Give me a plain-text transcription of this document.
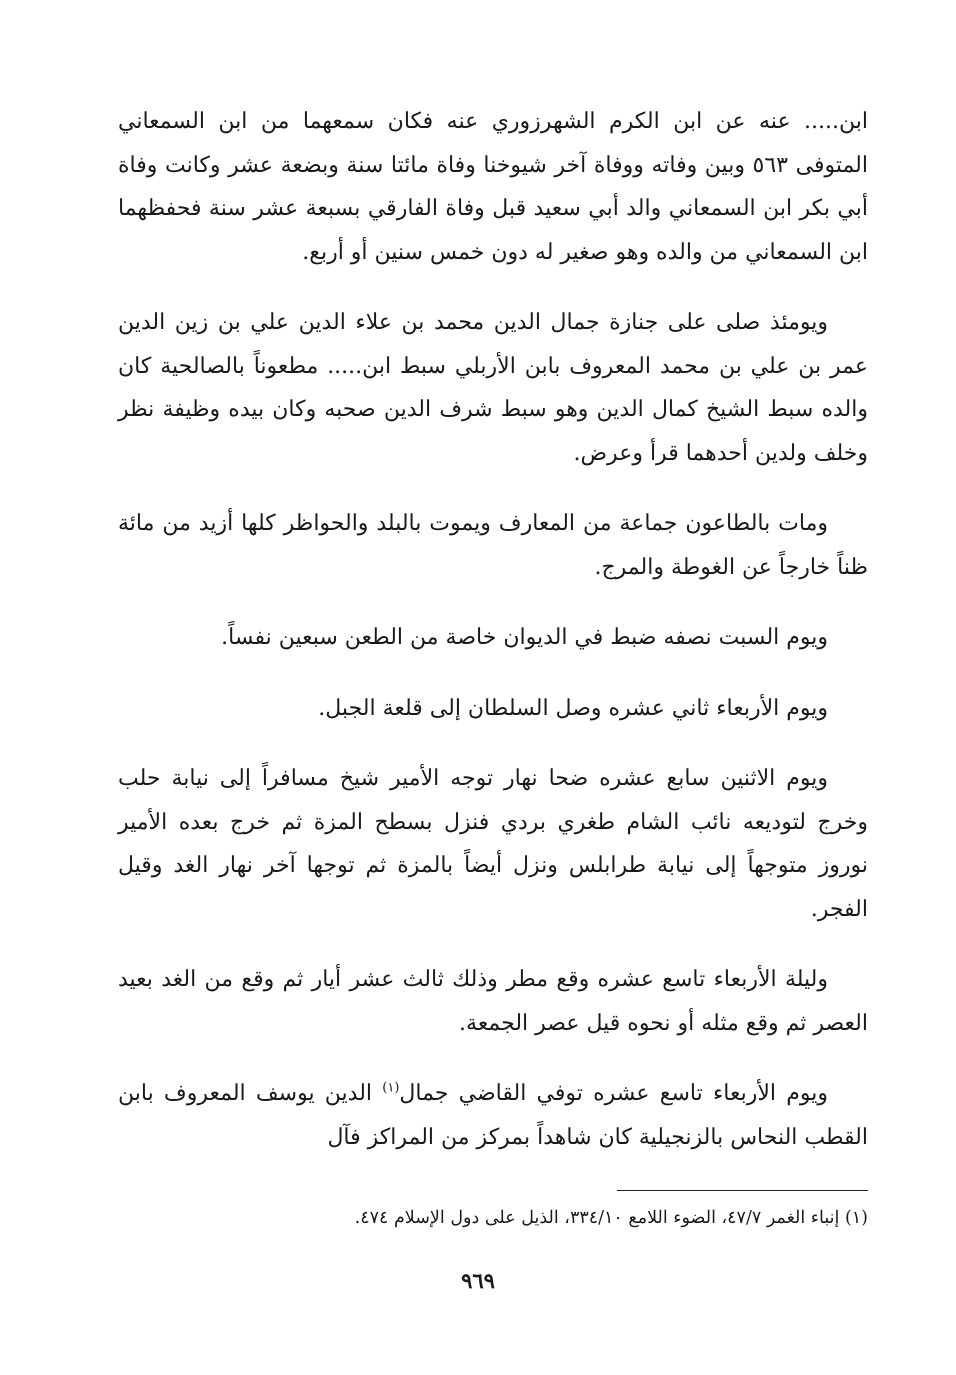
ابن..... عنه عن ابن الكرم الشهرزوري عنه فكان سمعهما من ابن السمعاني المتوفى ٥٦٣ وبين وفاته ووفاة آخر شيوخنا وفاة مائتا سنة وبضعة عشر وكانت وفاة أبي بكر ابن السمعاني والد أبي سعيد قبل وفاة الفارقي بسبعة عشر سنة فحفظهما ابن السمعاني من والده وهو صغير له دون خمس سنين أو أربع.

ويومئذ صلى على جنازة جمال الدين محمد بن علاء الدين علي بن زين الدين عمر بن علي بن محمد المعروف بابن الأربلي سبط ابن..... مطعوناً بالصالحية كان والده سبط الشيخ كمال الدين وهو سبط شرف الدين صحبه وكان بيده وظيفة نظر وخلف ولدين أحدهما قرأ وعرض.

ومات بالطاعون جماعة من المعارف ويموت بالبلد والحواظر كلها أزيد من مائة ظناً خارجاً عن الغوطة والمرج.

ويوم السبت نصفه ضبط في الديوان خاصة من الطعن سبعين نفساً.

ويوم الأربعاء ثاني عشره وصل السلطان إلى قلعة الجبل.

ويوم الاثنين سابع عشره ضحا نهار توجه الأمير شيخ مسافراً إلى نيابة حلب وخرج لتوديعه نائب الشام طغري بردي فنزل بسطح المزة ثم خرج بعده الأمير نوروز متوجهاً إلى نيابة طرابلس ونزل أيضاً بالمزة ثم توجها آخر نهار الغد وقيل الفجر.

وليلة الأربعاء تاسع عشره وقع مطر وذلك ثالث عشر أيار ثم وقع من الغد بعيد العصر ثم وقع مثله أو نحوه قيل عصر الجمعة.

ويوم الأربعاء تاسع عشره توفي القاضي جمال$^{(١)}$ الدين يوسف المعروف بابن القطب النحاس بالزنجيلية كان شاهداً بمركز من المراكز فآل

(١) إنباء الغمر ٤٧/٧، الضوء اللامع ٣٣٤/١٠، الذيل على دول الإسلام ٤٧٤.
٩٦٩
